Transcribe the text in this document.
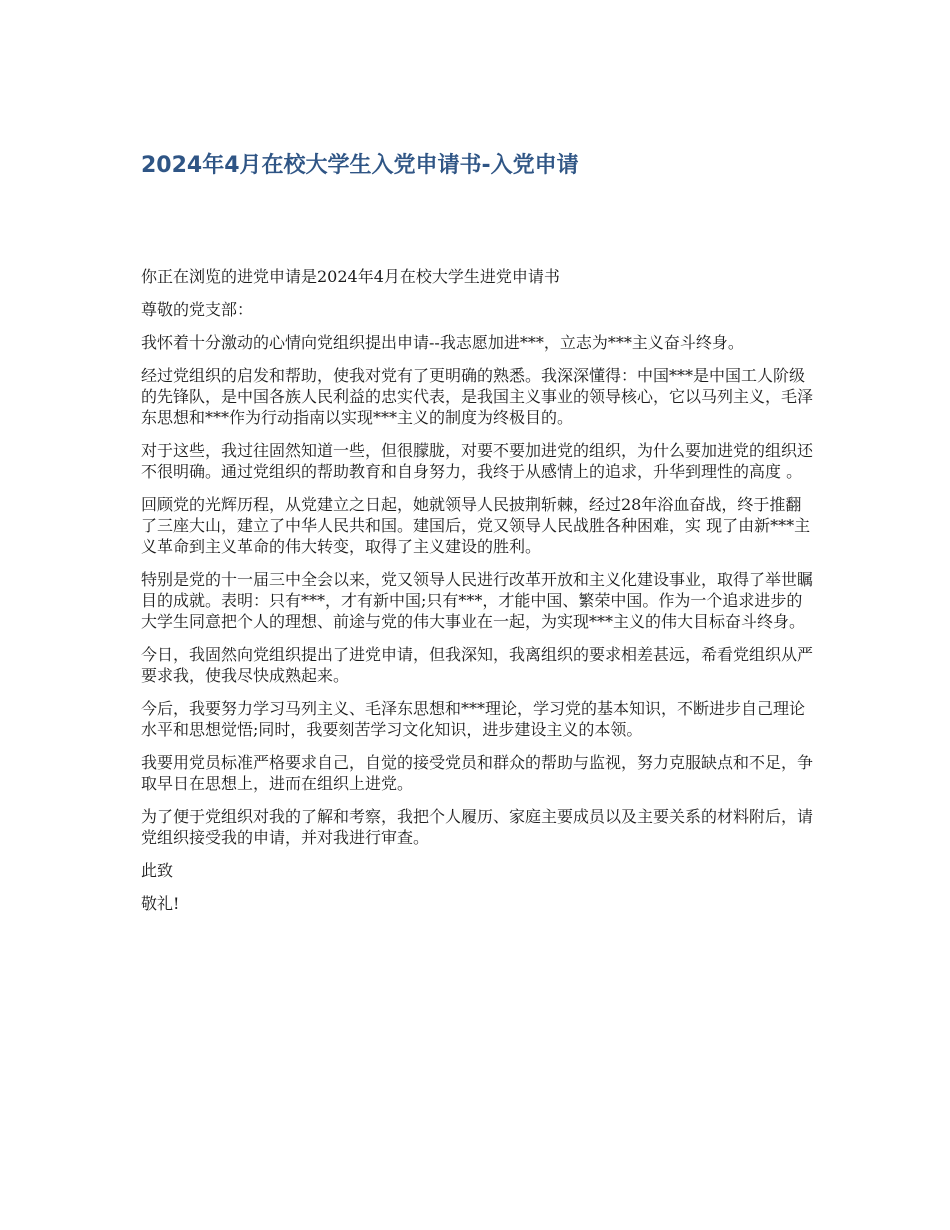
2024年4月在校大学生入党申请书-入党申请

你正在浏览的进党申请是2024年4月在校大学生进党申请书

尊敬的党支部：

我怀着十分激动的心情向党组织提出申请--我志愿加进***，立志为***主义奋斗终身。

经过党组织的启发和帮助，使我对党有了更明确的熟悉。我深深懂得：中国***是中国工人阶级的先锋队，是中国各族人民利益的忠实代表，是我国主义事业的领导核心，它以马列主义，毛泽东思想和***作为行动指南以实现***主义的制度为终极目的。

对于这些，我过往固然知道一些，但很朦胧，对要不要加进党的组织，为什么要加进党的组织还不很明确。通过党组织的帮助教育和自身努力，我终于从感情上的追求，升华到理性的高度 。

回顾党的光辉历程，从党建立之日起，她就领导人民披荆斩棘，经过28年浴血奋战，终于推翻了三座大山，建立了中华人民共和国。建国后，党又领导人民战胜各种困难，实 现了由新***主义革命到主义革命的伟大转变，取得了主义建设的胜利。

特别是党的十一届三中全会以来，党又领导人民进行改革开放和主义化建设事业，取得了举世瞩目的成就。表明：只有***，才有新中国;只有***，才能中国、繁荣中国。作为一个追求进步的大学生同意把个人的理想、前途与党的伟大事业在一起，为实现***主义的伟大目标奋斗终身。

今日，我固然向党组织提出了进党申请，但我深知，我离组织的要求相差甚远，希看党组织从严要求我，使我尽快成熟起来。

今后，我要努力学习马列主义、毛泽东思想和***理论，学习党的基本知识，不断进步自己理论水平和思想觉悟;同时，我要刻苦学习文化知识，进步建设主义的本领。

我要用党员标准严格要求自己，自觉的接受党员和群众的帮助与监视，努力克服缺点和不足，争取早日在思想上，进而在组织上进党。

为了便于党组织对我的了解和考察，我把个人履历、家庭主要成员以及主要关系的材料附后，请党组织接受我的申请，并对我进行审查。

此致

敬礼!
